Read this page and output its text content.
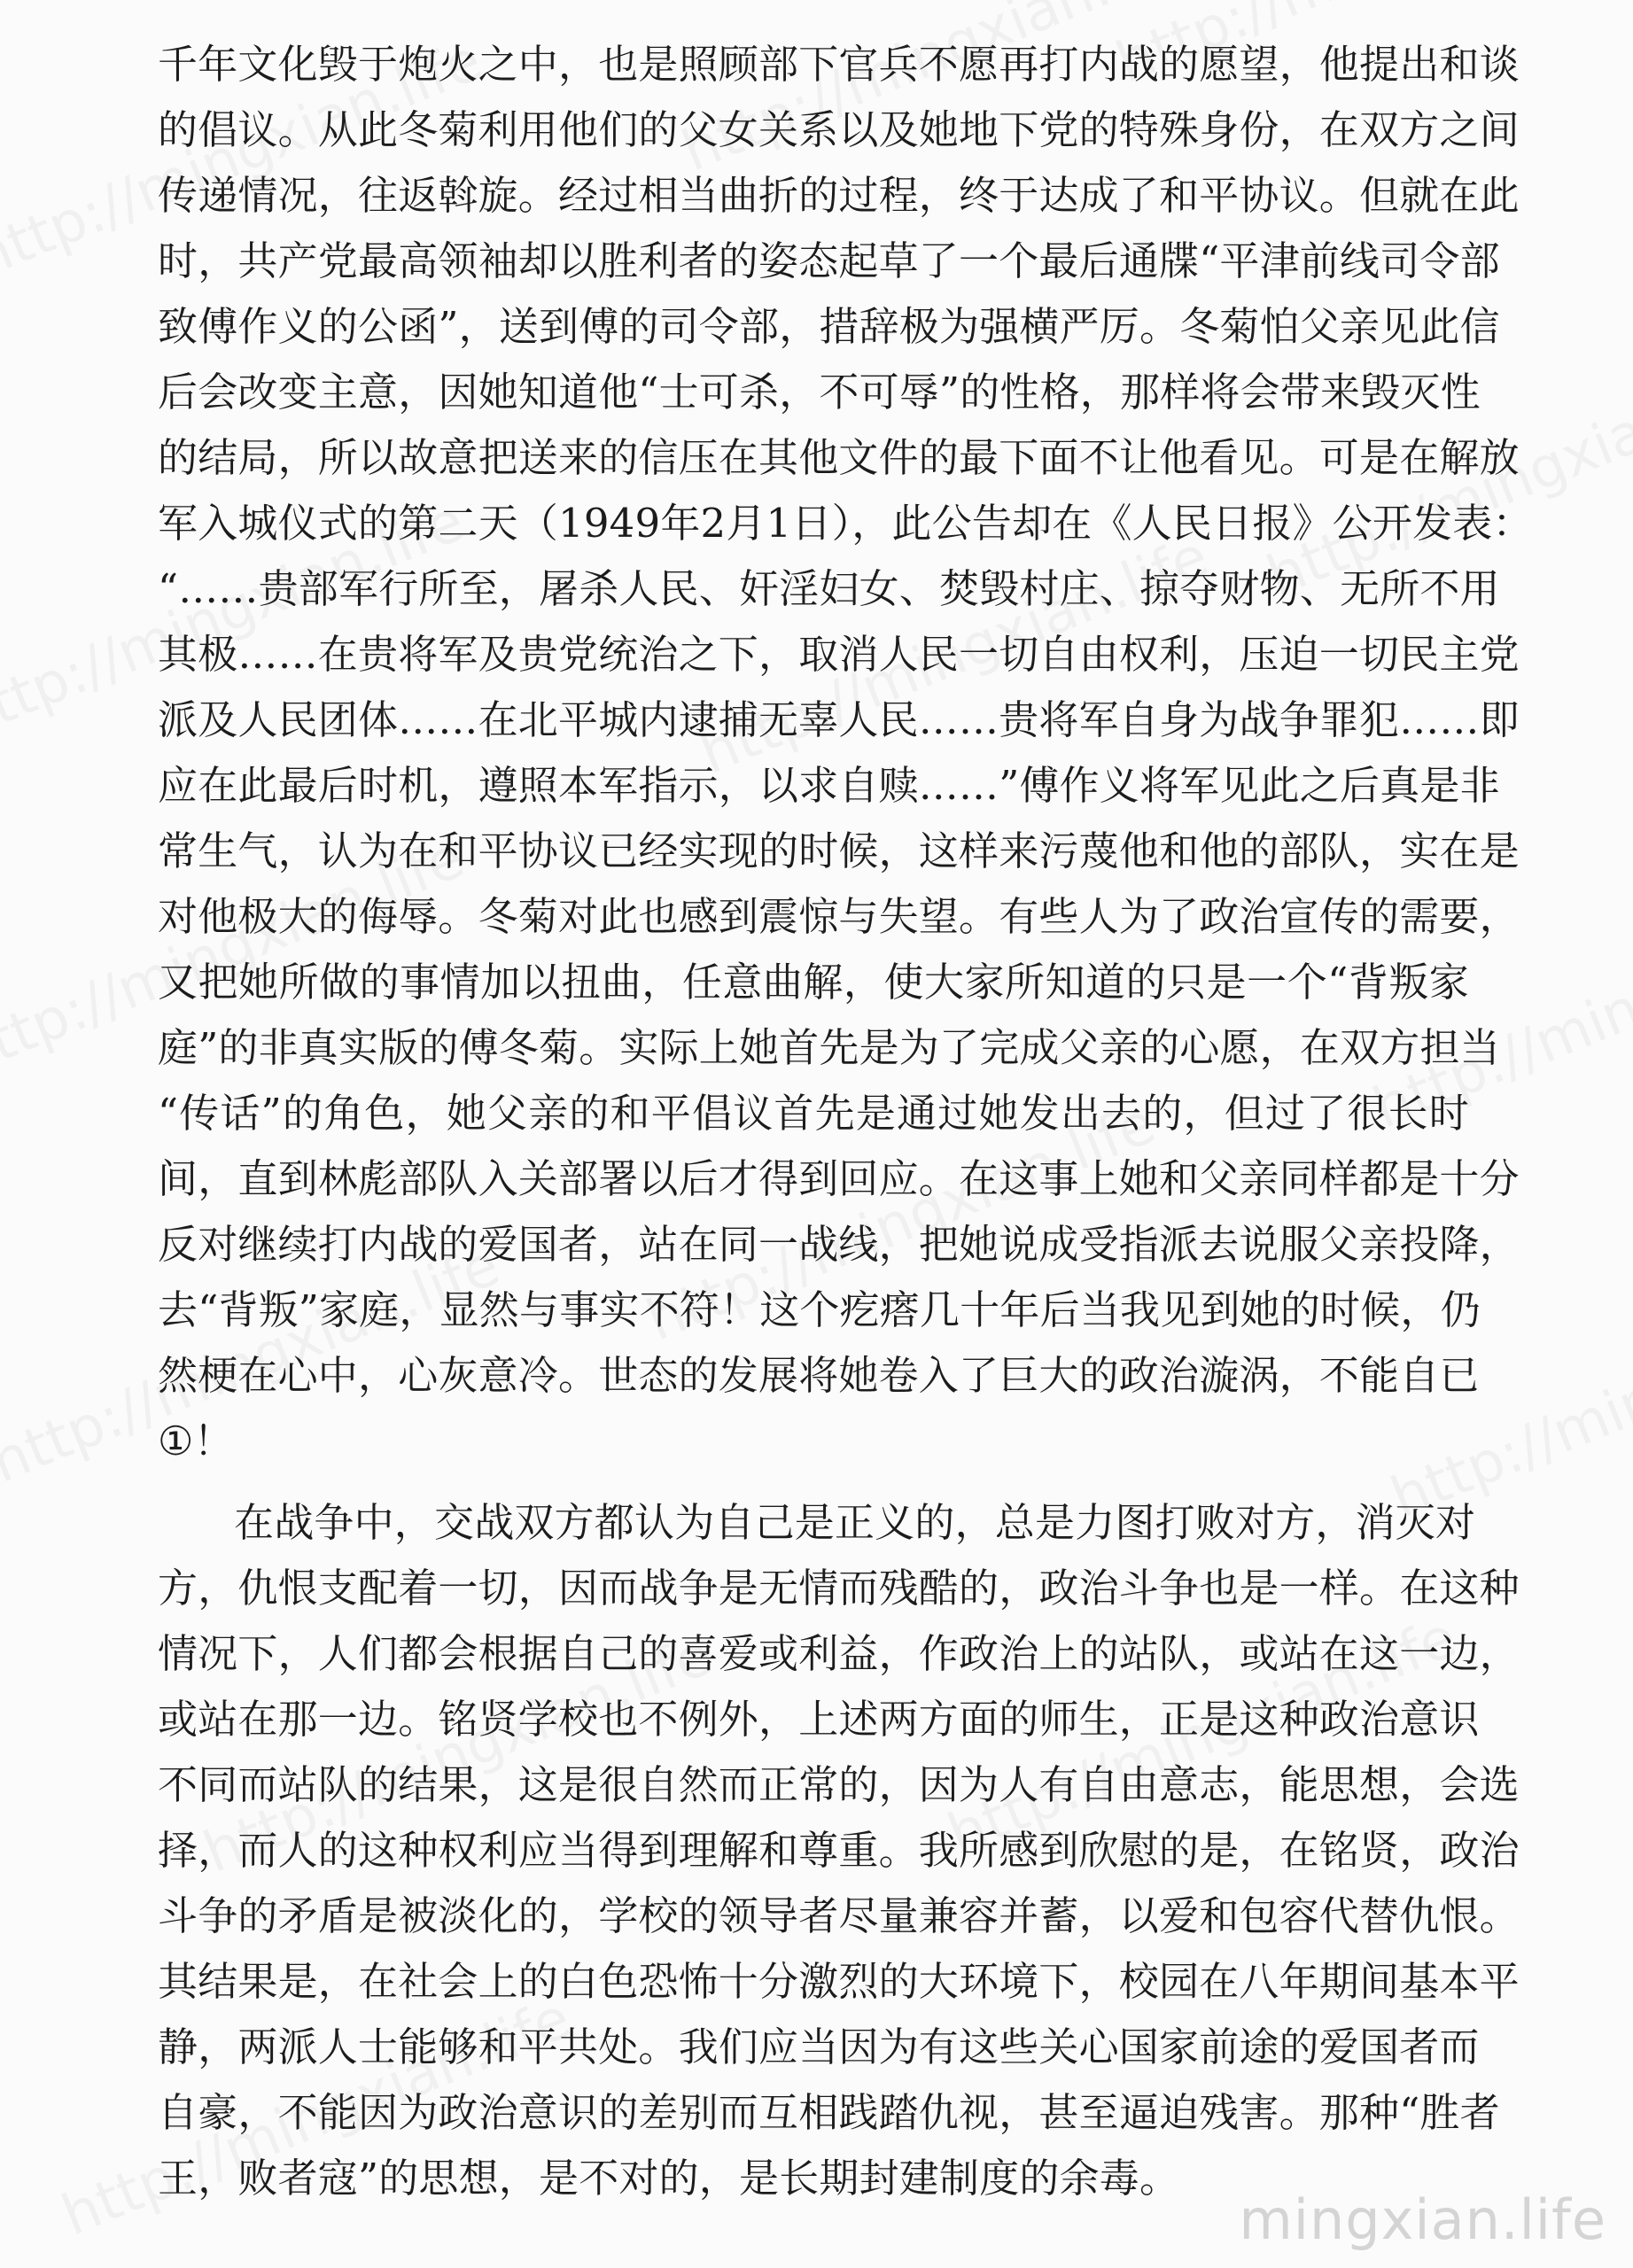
千年文化毁于炮火之中，也是照顾部下官兵不愿再打内战的愿望，他提出和谈
的倡议。从此冬菊利用他们的父女关系以及她地下党的特殊身份，在双方之间
传递情况，往返斡旋。经过相当曲折的过程，终于达成了和平协议。但就在此
时，共产党最高领袖却以胜利者的姿态起草了一个最后通牒“平津前线司令部
致傅作义的公函”，送到傅的司令部，措辞极为强横严厉。冬菊怕父亲见此信
后会改变主意，因她知道他“士可杀，不可辱”的性格，那样将会带来毁灭性
的结局，所以故意把送来的信压在其他文件的最下面不让他看见。可是在解放
军入城仪式的第二天（1949年2月1日），此公告却在《人民日报》公开发表：
“……贵部军行所至，屠杀人民、奸淫妇女、焚毁村庄、掠夺财物、无所不用
其极……在贵将军及贵党统治之下，取消人民一切自由权利，压迫一切民主党
派及人民团体……在北平城内逮捕无辜人民……贵将军自身为战争罪犯……即
应在此最后时机，遵照本军指示，以求自赎……”傅作义将军见此之后真是非
常生气，认为在和平协议已经实现的时候，这样来污蔑他和他的部队，实在是
对他极大的侮辱。冬菊对此也感到震惊与失望。有些人为了政治宣传的需要，
又把她所做的事情加以扭曲，任意曲解，使大家所知道的只是一个“背叛家
庭”的非真实版的傅冬菊。实际上她首先是为了完成父亲的心愿，在双方担当
“传话”的角色，她父亲的和平倡议首先是通过她发出去的，但过了很长时
间，直到林彪部队入关部署以后才得到回应。在这事上她和父亲同样都是十分
反对继续打内战的爱国者，站在同一战线，把她说成受指派去说服父亲投降，
去“背叛”家庭，显然与事实不符！这个疙瘩几十年后当我见到她的时候，仍
然梗在心中，心灰意冷。世态的发展将她卷入了巨大的政治漩涡，不能自已
①！
在战争中，交战双方都认为自己是正义的，总是力图打败对方，消灭对
方，仇恨支配着一切，因而战争是无情而残酷的，政治斗争也是一样。在这种
情况下，人们都会根据自己的喜爱或利益，作政治上的站队，或站在这一边，
或站在那一边。铭贤学校也不例外，上述两方面的师生，正是这种政治意识
不同而站队的结果，这是很自然而正常的，因为人有自由意志，能思想，会选
择，而人的这种权利应当得到理解和尊重。我所感到欣慰的是，在铭贤，政治
斗争的矛盾是被淡化的，学校的领导者尽量兼容并蓄，以爱和包容代替仇恨。
其结果是，在社会上的白色恐怖十分激烈的大环境下，校园在八年期间基本平
静，两派人士能够和平共处。我们应当因为有这些关心国家前途的爱国者而
自豪，不能因为政治意识的差别而互相践踏仇视，甚至逼迫残害。那种“胜者
王，败者寇”的思想，是不对的，是长期封建制度的余毒。
mingxian.life
